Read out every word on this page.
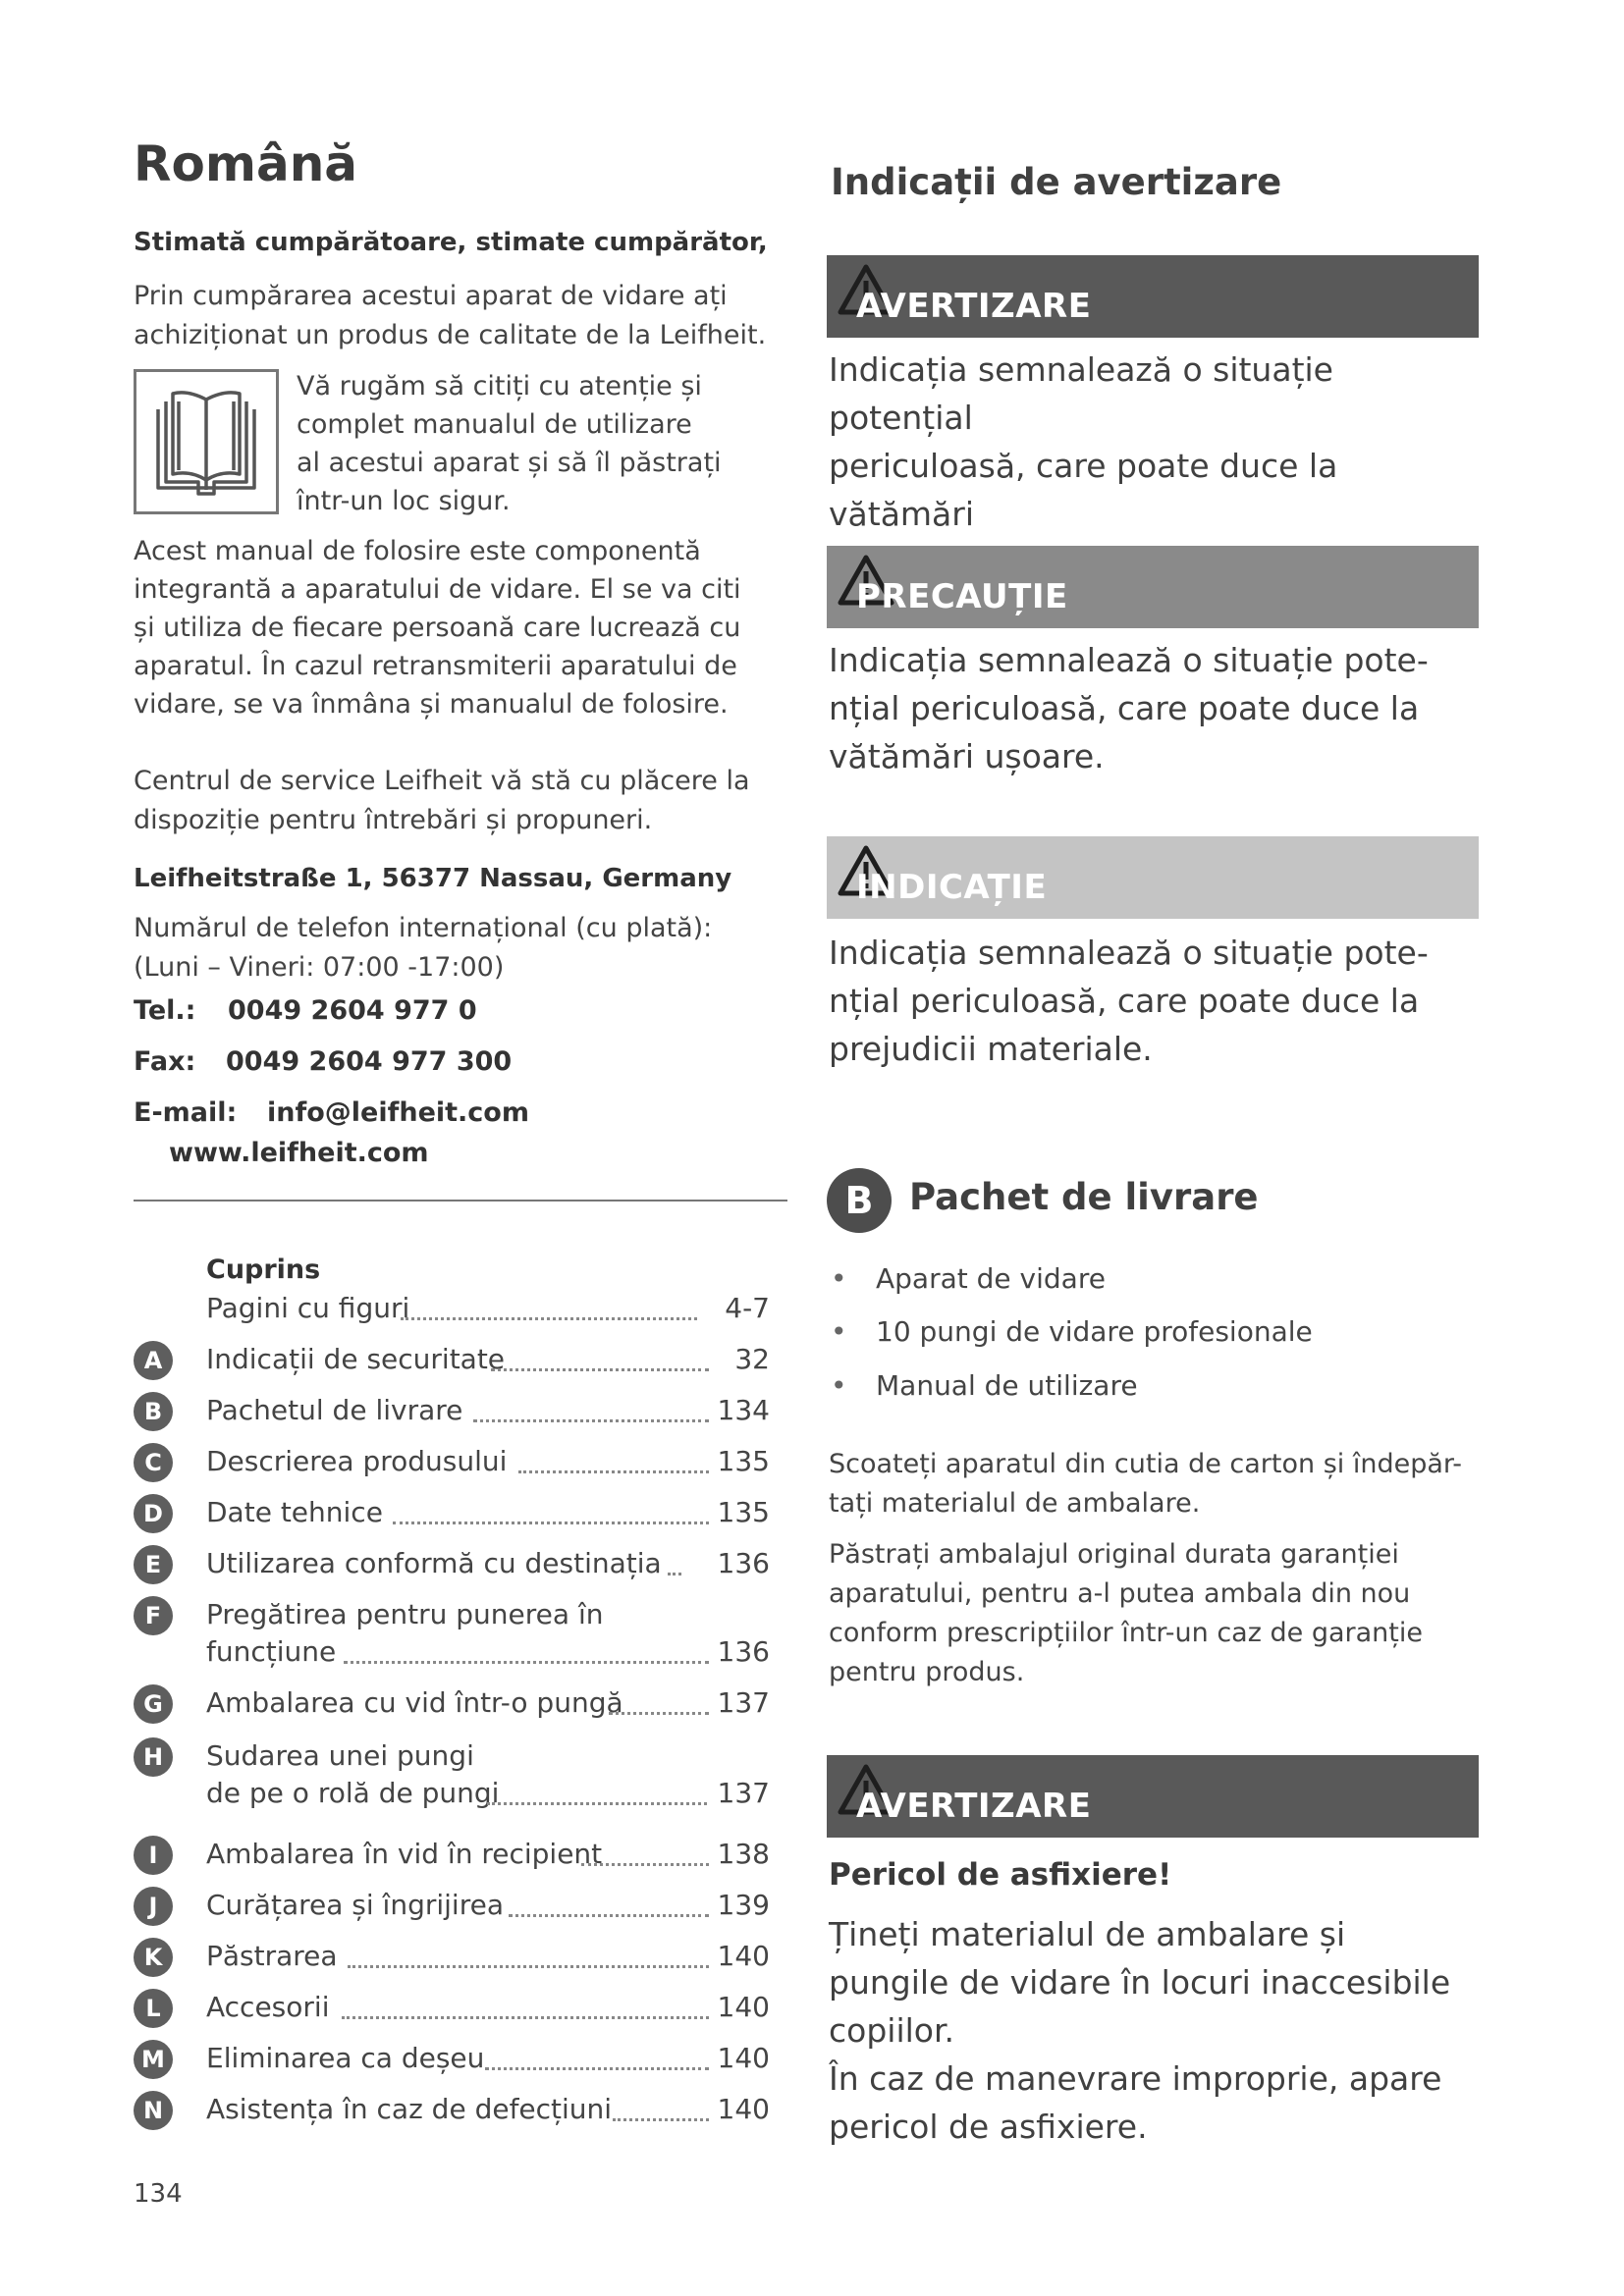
Română
Stimată cumpărătoare, stimate cumpărător,
Prin cumpărarea acestui aparat de vidare ați
achiziționat un produs de calitate de la Leifheit.
Vă rugăm să citiți cu atenție și
complet manualul de utilizare
al acestui aparat și să îl păstrați
într-un loc sigur.
Acest manual de folosire este componentă
integrantă a aparatului de vidare. El se va citi
și utiliza de fiecare persoană care lucrează cu
aparatul. În cazul retransmiterii aparatului de
vidare, se va înmâna și manualul de folosire.
Centrul de service Leifheit vă stă cu plăcere la
dispoziție pentru întrebări și propuneri.
Leifheitstraße 1, 56377 Nassau, Germany
Numărul de telefon internațional (cu plată):
(Luni – Vineri: 07:00 -17:00)
Tel.: 0049 2604 977 0
Fax: 0049 2604 977 300
E-mail: info@leifheit.com
www.leifheit.com
Cuprins
Pagini cu figuri	4-7
A	Indicații de securitate	32
B	Pachetul de livrare	134
C	Descrierea produsului	135
D	Date tehnice	135
E	Utilizarea conformă cu destinația 136
F	Pregătirea pentru punerea în
funcțiune	136
G	Ambalarea cu vid într-o pungă	137
H	Sudarea unei pungi
de pe o rolă de pungi	137
I	Ambalarea în vid în recipient	138
J	Curățarea și îngrijirea	139
K	Păstrarea	140
L	Accesorii	140
M Eliminarea ca deșeu	140
N	Asistența în caz de defecțiuni	140
134
Indicații de avertizare
AVERTIZARE
Indicația semnalează o situație potențial
periculoasă, care poate duce la vătămări
PRECAUȚIE
Indicația semnalează o situație pote-
nțial periculoasă, care poate duce la
vătămări ușoare.
INDICAȚIE
Indicația semnalează o situație pote-
nțial periculoasă, care poate duce la
prejudicii materiale.
B Pachet de livrare
• Aparat de vidare
• 10 pungi de vidare profesionale
• Manual de utilizare
Scoateți aparatul din cutia de carton și îndepăr-
tați materialul de ambalare.
Păstrați ambalajul original durata garanției
aparatului, pentru a-l putea ambala din nou
conform prescripțiilor într-un caz de garanție
pentru produs.
AVERTIZARE
Pericol de asfixiere!
Țineți materialul de ambalare și
pungile de vidare în locuri inaccesibile
copiilor.
În caz de manevrare improprie, apare
pericol de asfixiere.
